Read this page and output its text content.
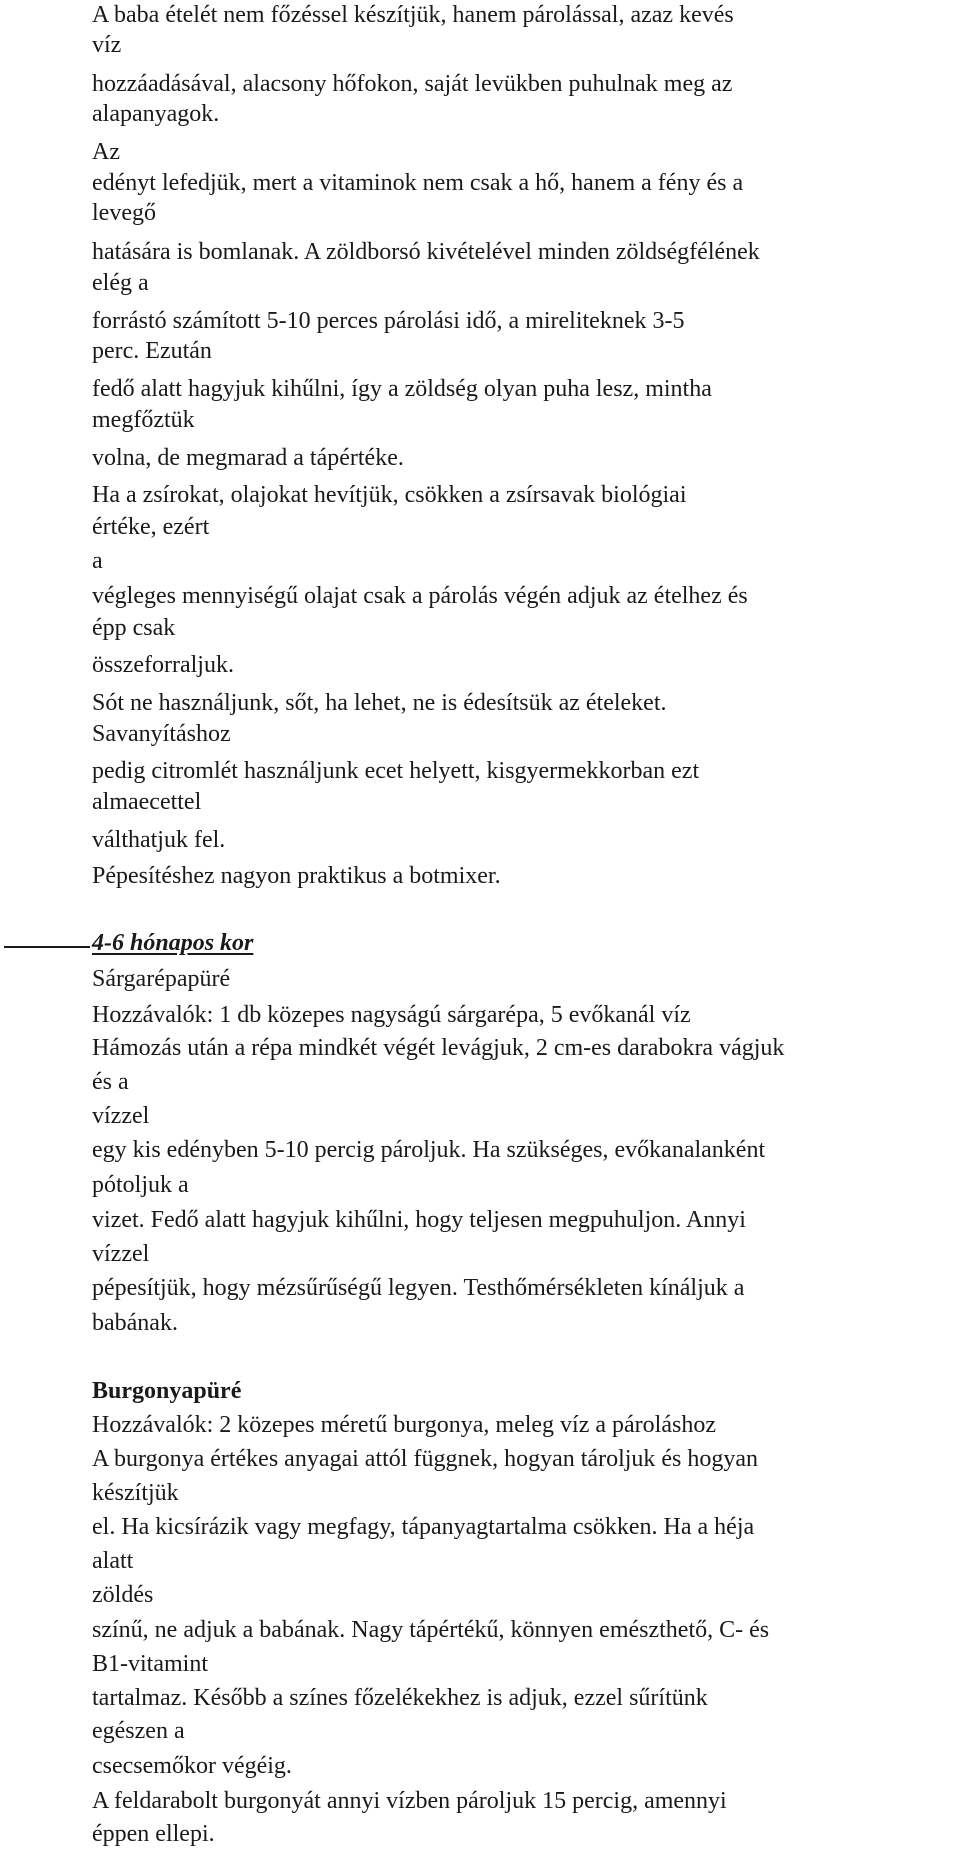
A baba ételét nem főzéssel készítjük, hanem párolással, azaz kevés
víz
hozzáadásával, alacsony hőfokon, saját levükben puhulnak meg az
alapanyagok.
Az
edényt lefedjük, mert a vitaminok nem csak a hő, hanem a fény és a
levegő
hatására is bomlanak. A zöldborsó kivételével minden zöldségfélének
elég a
forrástó számított 5-10 perces párolási idő, a mireliteknek 3-5
perc. Ezután
fedő alatt hagyjuk kihűlni, így a zöldség olyan puha lesz, mintha
megfőztük
volna, de megmarad a tápértéke.
Ha a zsírokat, olajokat hevítjük, csökken a zsírsavak biológiai
értéke, ezért
a
végleges mennyiségű olajat csak a párolás végén adjuk az ételhez és
épp csak
összeforraljuk.
Sót ne használjunk, sőt, ha lehet, ne is édesítsük az ételeket.
Savanyításhoz
pedig citromlét használjunk ecet helyett, kisgyermekkorban ezt
almaecettel
válthatjuk fel.
Pépesítéshez nagyon praktikus a botmixer.
4-6 hónapos kor
Sárgarépapüré
Hozzávalók: 1 db közepes nagyságú sárgarépa, 5 evőkanál víz
Hámozás után a répa mindkét végét levágjuk, 2 cm-es darabokra vágjuk
és a
vízzel
egy kis edényben 5-10 percig pároljuk. Ha szükséges, evőkanalanként
pótoljuk a
vizet. Fedő alatt hagyjuk kihűlni, hogy teljesen megpuhuljon. Annyi
vízzel
pépesítjük, hogy mézsűrűségű legyen. Testhőmérsékleten kínáljuk a
babának.
Burgonyapüré
Hozzávalók: 2 közepes méretű burgonya, meleg víz a pároláshoz
A burgonya értékes anyagai attól függnek, hogyan tároljuk és hogyan
készítjük
el. Ha kicsírázik vagy megfagy, tápanyagtartalma csökken. Ha a héja
alatt
zöldés
színű, ne adjuk a babának. Nagy tápértékű, könnyen emészthető, C- és
B1-vitamint
tartalmaz. Később a színes főzelékekhez is adjuk, ezzel sűrítünk
egészen a
csecsemőkor végéig.
A feldarabolt burgonyát annyi vízben pároljuk 15 percig, amennyi
éppen ellepi.
